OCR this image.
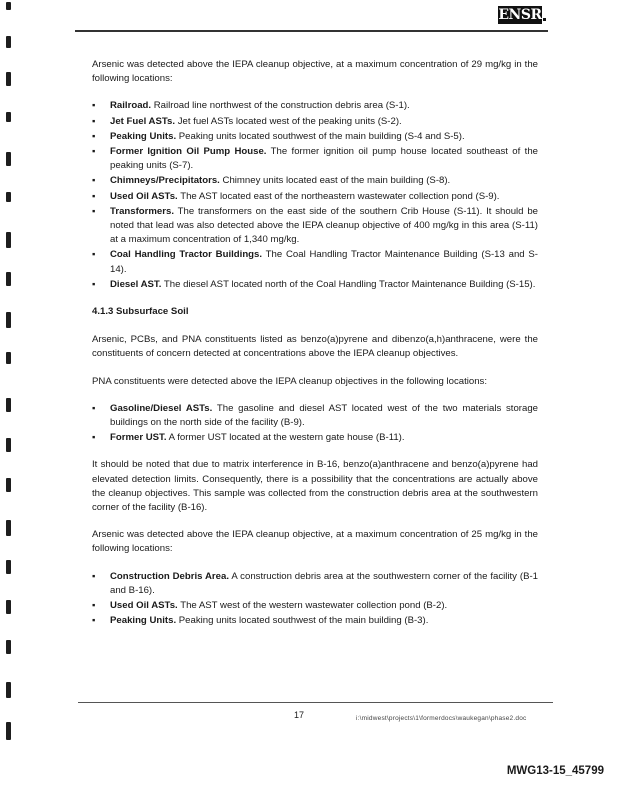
ENSR

Arsenic was detected above the IEPA cleanup objective, at a maximum concentration of 29 mg/kg in the following locations:

▪ Railroad. Railroad line northwest of the construction debris area (S-1).
▪ Jet Fuel ASTs. Jet fuel ASTs located west of the peaking units (S-2).
▪ Peaking Units. Peaking units located southwest of the main building (S-4 and S-5).
▪ Former Ignition Oil Pump House. The former ignition oil pump house located southeast of the peaking units (S-7).
▪ Chimneys/Precipitators. Chimney units located east of the main building (S-8).
▪ Used Oil ASTs. The AST located east of the northeastern wastewater collection pond (S-9).
▪ Transformers. The transformers on the east side of the southern Crib House (S-11). It should be noted that lead was also detected above the IEPA cleanup objective of 400 mg/kg in this area (S-11) at a maximum concentration of 1,340 mg/kg.
▪ Coal Handling Tractor Buildings. The Coal Handling Tractor Maintenance Building (S-13 and S-14).
▪ Diesel AST. The diesel AST located north of the Coal Handling Tractor Maintenance Building (S-15).
4.1.3 Subsurface Soil

Arsenic, PCBs, and PNA constituents listed as benzo(a)pyrene and dibenzo(a,h)anthracene, were the constituents of concern detected at concentrations above the IEPA cleanup objectives.

PNA constituents were detected above the IEPA cleanup objectives in the following locations:

▪ Gasoline/Diesel ASTs. The gasoline and diesel AST located west of the two materials storage buildings on the north side of the facility (B-9).
▪ Former UST. A former UST located at the western gate house (B-11).

It should be noted that due to matrix interference in B-16, benzo(a)anthracene and benzo(a)pyrene had elevated detection limits. Consequently, there is a possibility that the concentrations are actually above the cleanup objectives. This sample was collected from the construction debris area at the southwestern corner of the facility (B-16).

Arsenic was detected above the IEPA cleanup objective, at a maximum concentration of 25 mg/kg in the following locations:

▪ Construction Debris Area. A construction debris area at the southwestern corner of the facility (B-1 and B-16).
▪ Used Oil ASTs. The AST west of the western wastewater collection pond (B-2).
▪ Peaking Units. Peaking units located southwest of the main building (B-3).
17	i:\midwest\projects\1\formerdocs\waukegan\phase2.doc
MWG13-15_45799
